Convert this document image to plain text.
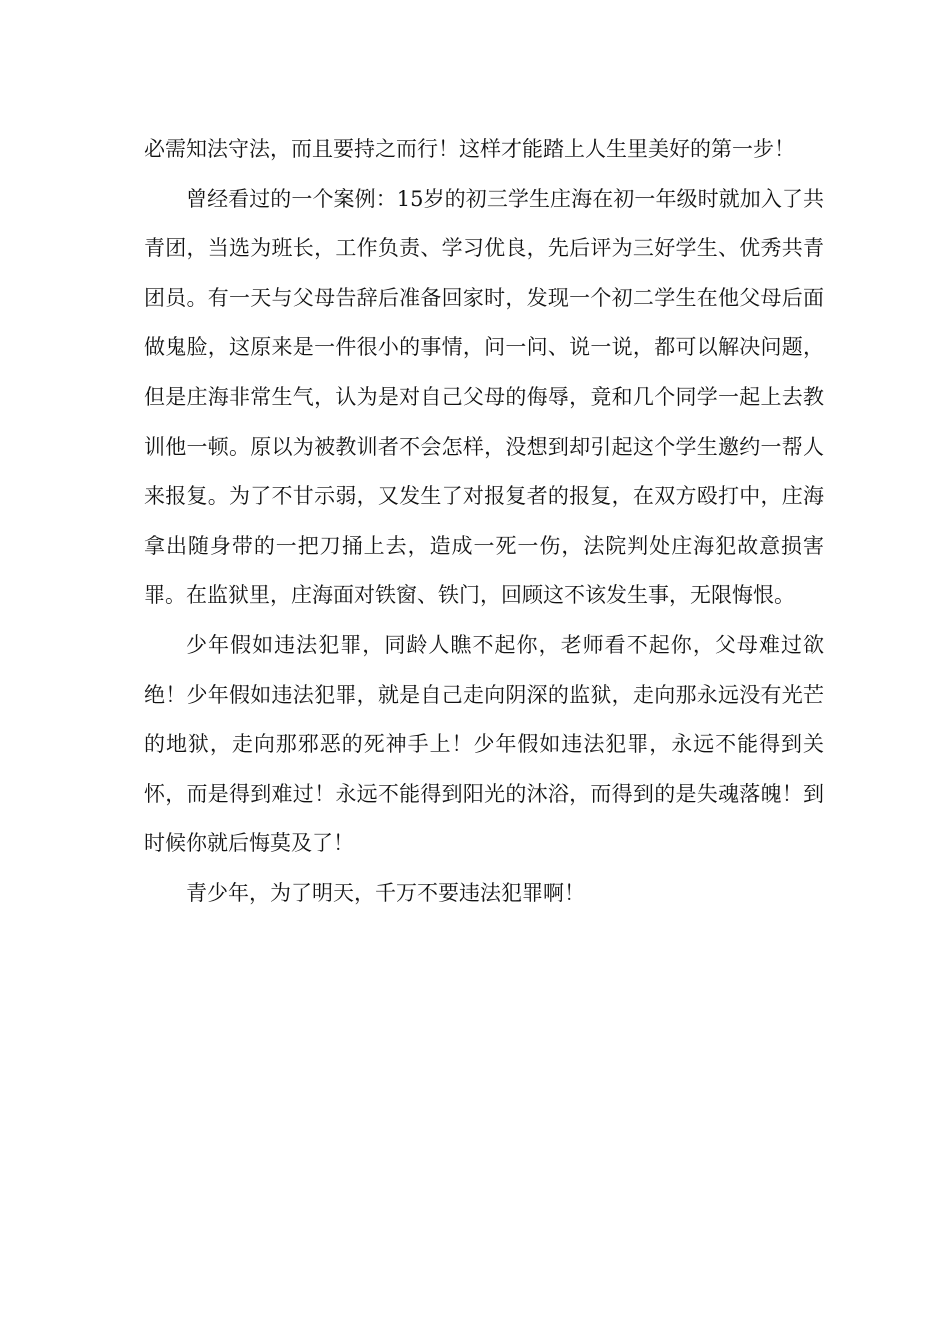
必需知法守法，而且要持之而行！这样才能踏上人生里美好的第一步！

曾经看过的一个案例：15岁的初三学生庄海在初一年级时就加入了共青团，当选为班长，工作负责、学习优良，先后评为三好学生、优秀共青团员。有一天与父母告辞后准备回家时，发现一个初二学生在他父母后面做鬼脸，这原来是一件很小的事情，问一问、说一说，都可以解决问题，但是庄海非常生气，认为是对自己父母的侮辱，竟和几个同学一起上去教训他一顿。原以为被教训者不会怎样，没想到却引起这个学生邀约一帮人来报复。为了不甘示弱，又发生了对报复者的报复，在双方殴打中，庄海拿出随身带的一把刀捅上去，造成一死一伤，法院判处庄海犯故意损害罪。在监狱里，庄海面对铁窗、铁门，回顾这不该发生事，无限悔恨。

少年假如违法犯罪，同龄人瞧不起你，老师看不起你，父母难过欲绝！少年假如违法犯罪，就是自己走向阴深的监狱，走向那永远没有光芒的地狱，走向那邪恶的死神手上！少年假如违法犯罪，永远不能得到关怀，而是得到难过！永远不能得到阳光的沐浴，而得到的是失魂落魄！到时候你就后悔莫及了！

青少年，为了明天，千万不要违法犯罪啊！
